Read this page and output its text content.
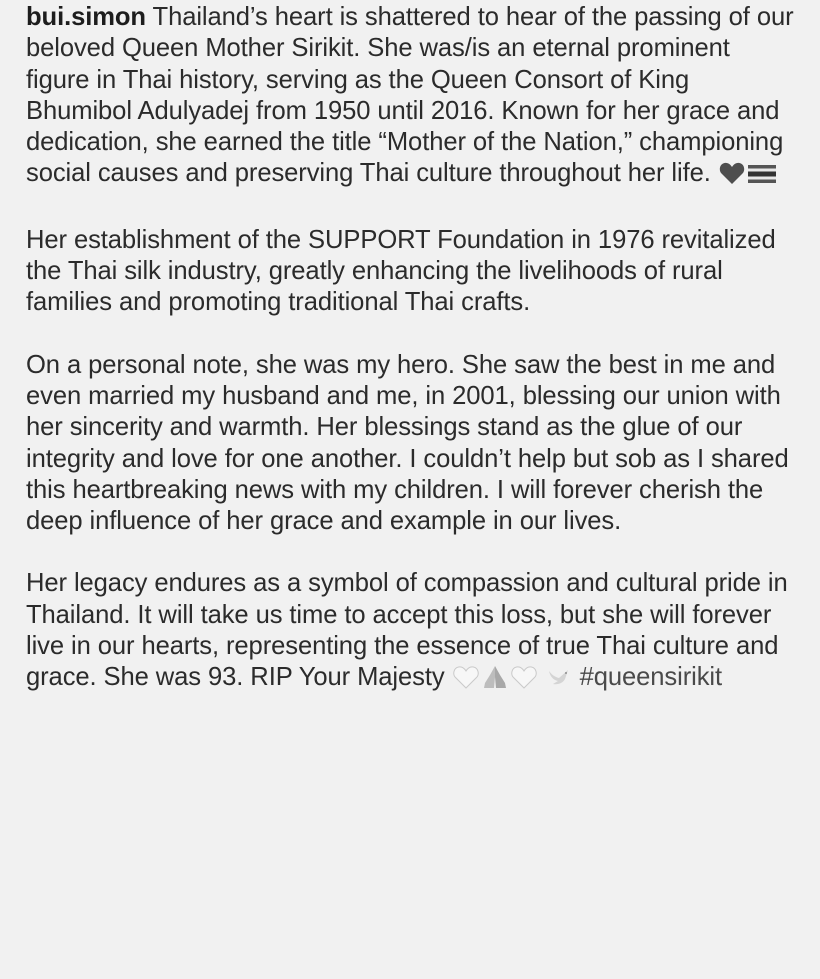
bui.simon Thailand’s heart is shattered to hear of the passing of our beloved Queen Mother Sirikit. She was/is an eternal prominent figure in Thai history, serving as the Queen Consort of King Bhumibol Adulyadej from 1950 until 2016. Known for her grace and dedication, she earned the title “Mother of the Nation,” championing social causes and preserving Thai culture throughout her life.

Her establishment of the SUPPORT Foundation in 1976 revitalized the Thai silk industry, greatly enhancing the livelihoods of rural families and promoting traditional Thai crafts.

On a personal note, she was my hero. She saw the best in me and even married my husband and me, in 2001, blessing our union with her sincerity and warmth. Her blessings stand as the glue of our integrity and love for one another. I couldn’t help but sob as I shared this heartbreaking news with my children. I will forever cherish the deep influence of her grace and example in our lives.

Her legacy endures as a symbol of compassion and cultural pride in Thailand. It will take us time to accept this loss, but she will forever live in our hearts, representing the essence of true Thai culture and grace. She was 93. RIP Your Majesty	#queensirikit
